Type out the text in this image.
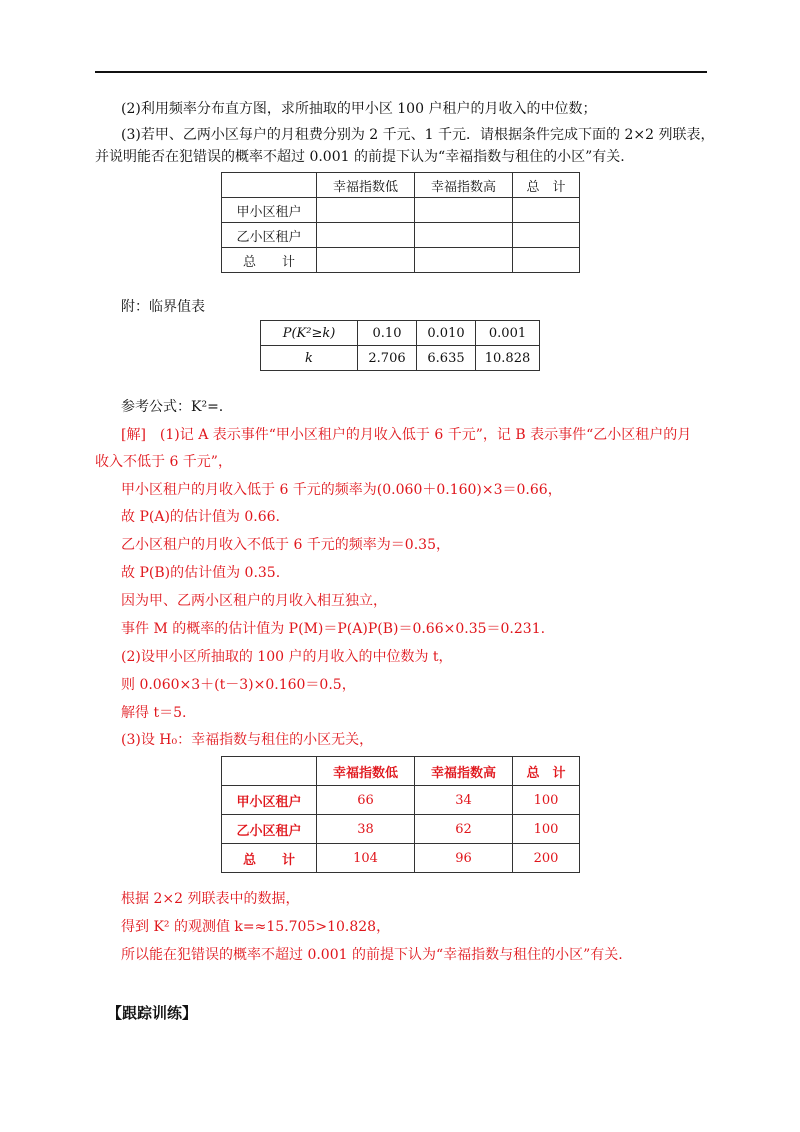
(2)利用频率分布直方图，求所抽取的甲小区 100 户租户的月收入的中位数；
(3)若甲、乙两小区每户的月租费分别为 2 千元、1 千元．请根据条件完成下面的 2×2 列联表，
并说明能否在犯错误的概率不超过 0.001 的前提下认为“幸福指数与租住的小区”有关.
	幸福指数低	幸福指数高	总　计
甲小区租户			
乙小区租户			
总　　计			
附：临界值表
P(K²≥k)	0.10	0.010	0.001
k	2.706	6.635	10.828
参考公式：K²=.
[解]　(1)记 A 表示事件“甲小区租户的月收入低于 6 千元”，记 B 表示事件“乙小区租户的月
收入不低于 6 千元”，
甲小区租户的月收入低于 6 千元的频率为(0.060＋0.160)×3＝0.66，
故 P(A)的估计值为 0.66.
乙小区租户的月收入不低于 6 千元的频率为＝0.35，
故 P(B)的估计值为 0.35.
因为甲、乙两小区租户的月收入相互独立，
事件 M 的概率的估计值为 P(M)＝P(A)P(B)＝0.66×0.35＝0.231.
(2)设甲小区所抽取的 100 户的月收入的中位数为 t，
则 0.060×3＋(t－3)×0.160＝0.5，
解得 t＝5.
(3)设 H₀：幸福指数与租住的小区无关，
	幸福指数低	幸福指数高	总　计
甲小区租户	66	34	100
乙小区租户	38	62	100
总　　计	104	96	200
根据 2×2 列联表中的数据，
得到 K² 的观测值 k=≈15.705>10.828，
所以能在犯错误的概率不超过 0.001 的前提下认为“幸福指数与租住的小区”有关.
【跟踪训练】
